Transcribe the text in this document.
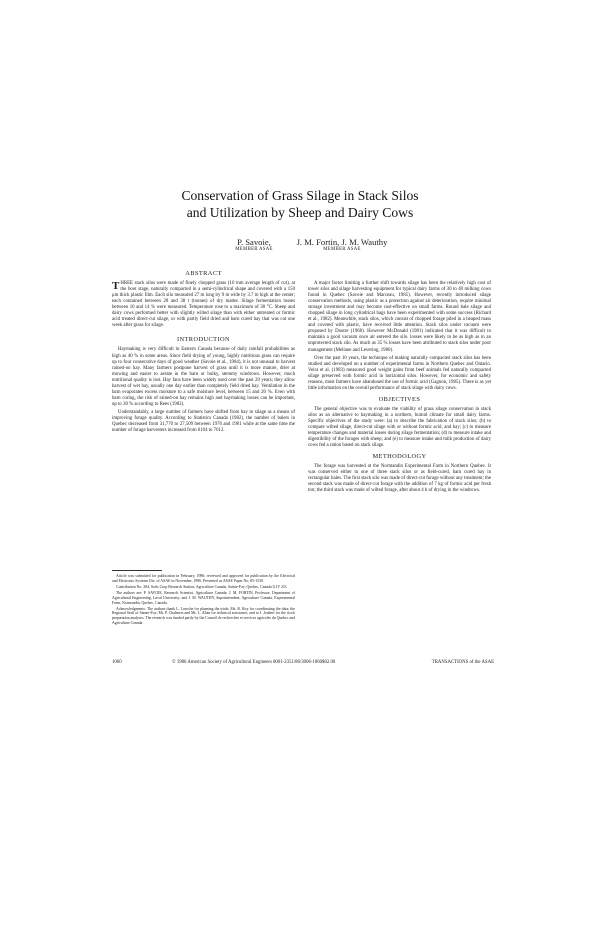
Conservation of Grass Silage in Stack Silos
and Utilization by Sheep and Dairy Cows
P. Savoie,
MEMBER ASAE
J. M. Fortin, J. M. Wauthy
MEMBER ASAE
ABSTRACT

THREE stack silos were made of finely chopped grass (10 mm average length of cut), at the boot stage, naturally compacted in a semi-cylindrical shape and covered with a 150 μm thick plastic film. Each silo measured 27 m long by 9 m wide by 3.7 m high at the center; each contained between 28 and 38 t (tonnes) of dry matter. Silage fermentation losses between 10 and 14 % were measured. Temperature rose to a maximum of 38 °C. Sheep and dairy cows performed better with slightly wilted silage than with either untreated or formic acid treated direct-cut silage, or with partly field dried and barn cured hay that was cut one week after grass for silage.

INTRODUCTION

Haymaking is very difficult in Eastern Canada because of daily rainfall probabilities as high as 40 % in some areas. Since field drying of young, highly nutritious grass can require up to four consecutive days of good weather (Savoie et al., 1984), it is not unusual to harvest rained-on hay. Many farmers postpone harvest of grass until it is more mature, drier at mowing and easier to aerate in the barn or bulky, stemmy windrows. However, much nutritional quality is lost. Hay fans have been widely used over the past 20 years; they allow harvest of wet hay, usually one day earlier than completely field dried hay. Ventilation in the barn evaporates excess moisture to a safe moisture level, between 15 and 20 %. Even with barn curing, the risk of rained-on hay remains high and haymaking losses can be important, up to 30 % according to Rees (1982).

Understandably, a large number of farmers have shifted from hay to silage as a means of improving forage quality. According to Statistics Canada (1982), the number of balers in Quebec decreased from 31,770 to 27,509 between 1976 and 1981 while at the same time the number of forage harvesters increased from 6104 to 7612.

Article was submitted for publication in February, 1986; reviewed and approved for publication by the Electrical and Electronic Systems Div. of ASAE in November, 1986. Presented as ASAE Paper No. 85-1530.

Contribution No. 284, Soils Crop Research Station, Agriculture Canada, Sainte-Foy, Quebec, Canada G1V 2J3.

The authors are: P. SAVOIE, Research Scientist, Agriculture Canada; J. M. FORTIN, Professor, Department of Agricultural Engineering, Laval University; and J. M. WAUTHY, Superintendent, Agriculture Canada, Experimental Farm, Normandin, Quebec, Canada.

Acknowledgments: The authors thank L. Laroche for planning the trials; Ms. R. Roy for coordinating the data; the Regional Staff of Sainte-Foy; Mr. P. Chalmers and Mr. L. Allan for technical assistance; and to J. Joubert for the stock preparation analyses. The research was funded partly by the Conseil de recherches et services agricoles du Quebec and Agriculture Canada.

A major factor limiting a further shift towards silage has been the relatively high cost of tower silos and silage harvesting equipment for typical dairy farms of 30 to 40 milking cows found in Quebec (Savoie and Marceau, 1985). However, recently introduced silage conservation methods, using plastic as a protection against air deterioration, require minimal storage investment and may become cost-effective on small farms. Round bale silage and chopped silage in long cylindrical bags have been experimented with some success (Richard et al., 1982). Meanwhile, stack silos, which consist of chopped forage piled in a heaped mass and covered with plastic, have received little attention. Stack silos under vacuum were proposed by Doutre (1968). However McDonald (1981) indicated that it was difficult to maintain a good vacuum once air entered the silo. losses were likely to be as high as in an unprotected stack silo. As much as 35 % losses have been attributed to stack silos under poor management (Mellane and Levering, 1980).

Over the past 10 years, the technique of making naturally compacted stack silos has been studied and developed on a number of experimental farms in Northern Quebec and Ontario. Veira et al. (1983) measured good weight gains from beef animals fed naturally compacted silage preserved with formic acid in horizontal silos. However, for economic and safety reasons, most farmers have abandoned the use of formic acid (Gagnon, 1985). There is as yet little information on the overall performance of stack silage with dairy cows.

OBJECTIVES

The general objective was to evaluate the viability of grass silage conservation in stack silos as an alternative to haymaking in a northern, humid climate for small dairy farms. Specific objectives of the study were: (a) to describe the fabrication of stack silos; (b) to compare wilted silage, direct-cut silage with or without formic acid, and hay; (c) to measure temperature changes and material losses during silage fermentation; (d) to measure intake and digestibility of the forages with sheep; and (e) to measure intake and milk production of dairy cows fed a ration based on stack silage.

METHODOLOGY

The forage was harvested at the Normandin Experimental Farm in Northern Quebec. It was conserved either in one of three stack silos or as field-cured, barn cured hay in rectangular bales. The first stack silo was made of direct-cut forage without any treatment; the second stack was made of direct-cut forage with the addition of 7 kg of formic acid per fresh ton; the third stack was made of wilted forage, after about 4 h of drying in the windrows.

1060	© 1986 American Society of Agricultural Engineers 0001-2351/86/3006-1060$02.00	TRANSACTIONS of the ASAE
